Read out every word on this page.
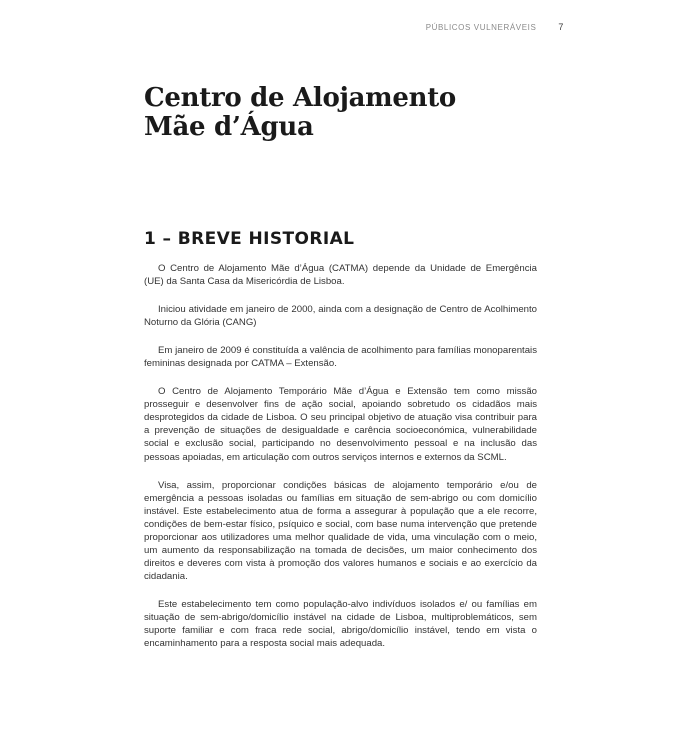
PÚBLICOS VULNERÁVEIS 7
Centro de Alojamento
Mãe d’Água
1 – BREVE HISTORIAL

O Centro de Alojamento Mãe d’Água (CATMA) depende da Unidade de Emergência (UE) da Santa Casa da Misericórdia de Lisboa.

Iniciou atividade em janeiro de 2000, ainda com a designação de Centro de Acolhimento Noturno da Glória (CANG)

Em janeiro de 2009 é constituída a valência de acolhimento para famílias monoparentais femininas designada por CATMA – Extensão.

O Centro de Alojamento Temporário Mãe d’Água e Extensão tem como missão prosseguir e desenvolver fins de ação social, apoiando sobretudo os cidadãos mais desprotegidos da cidade de Lisboa. O seu principal objetivo de atuação visa contribuir para a prevenção de situações de desigualdade e carência socioeconómica, vulnerabilidade social e exclusão social, participando no desenvolvimento pessoal e na inclusão das pessoas apoiadas, em articulação com outros serviços internos e externos da SCML.

Visa, assim, proporcionar condições básicas de alojamento temporário e/ou de emergência a pessoas isoladas ou famílias em situação de sem-abrigo ou com domicílio instável. Este estabelecimento atua de forma a assegurar à população que a ele recorre, condições de bem-estar físico, psíquico e social, com base numa intervenção que pretende proporcionar aos utilizadores uma melhor qualidade de vida, uma vinculação com o meio, um aumento da responsabilização na tomada de decisões, um maior conhecimento dos direitos e deveres com vista à promoção dos valores humanos e sociais e ao exercício da cidadania.

Este estabelecimento tem como população-alvo indivíduos isolados e/ ou famílias em situação de sem-abrigo/domicílio instável na cidade de Lisboa, multiproblemáticos, sem suporte familiar e com fraca rede social, abrigo/domicílio instável, tendo em vista o encaminhamento para a resposta social mais adequada.
